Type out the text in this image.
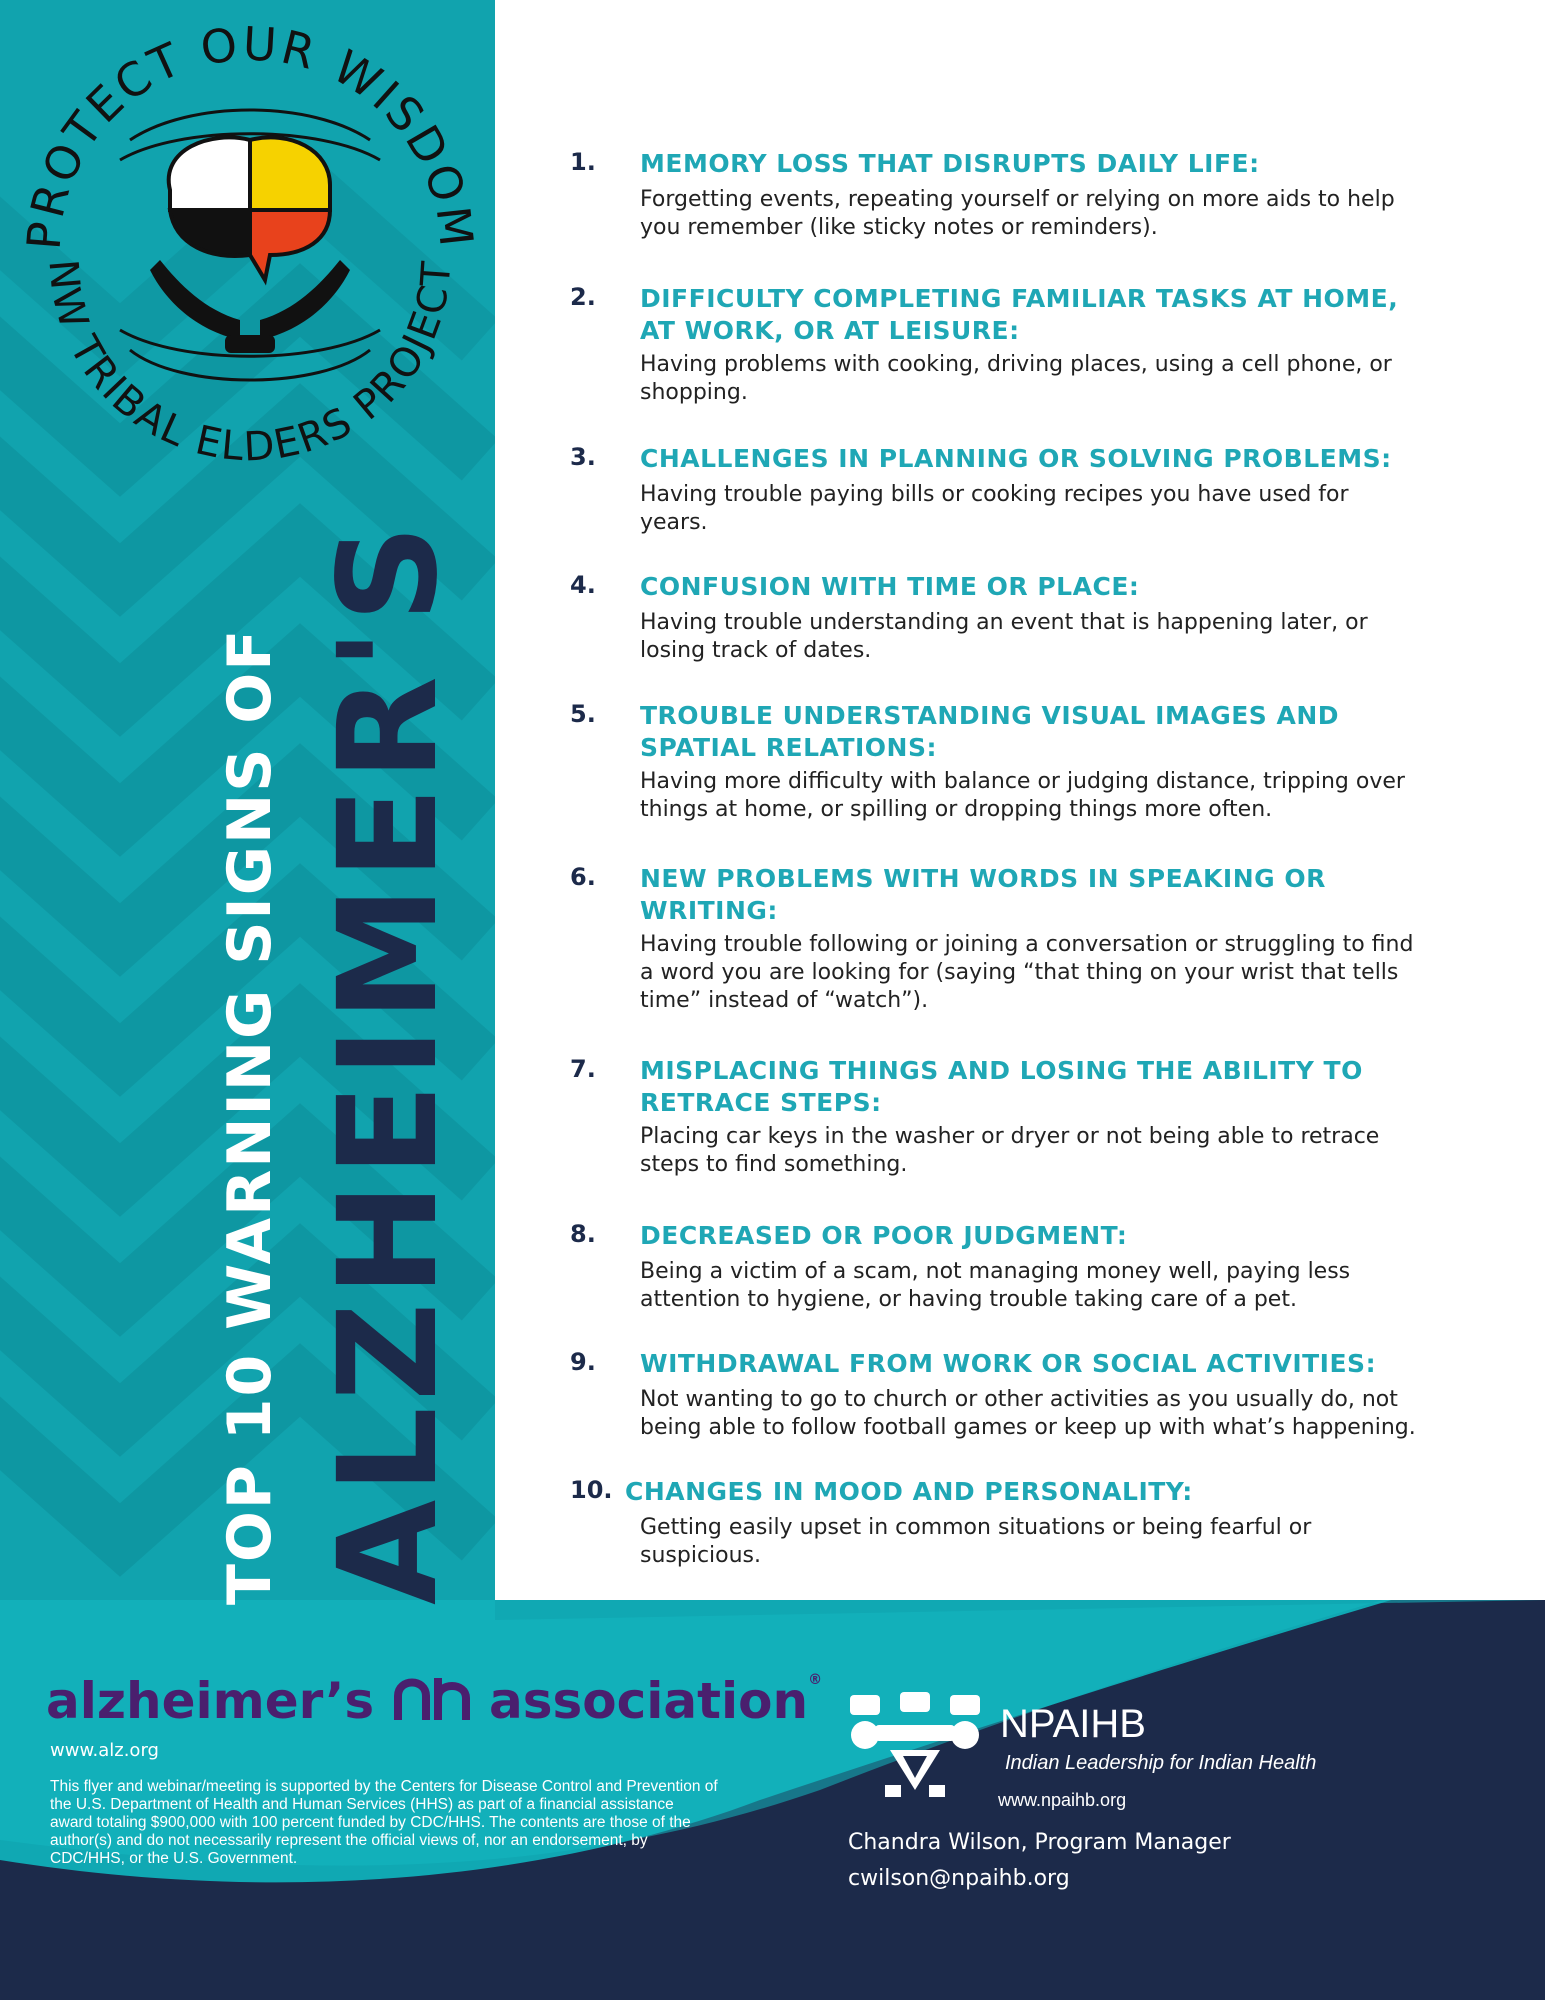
PROTECT OUR WISDOM
NW TRIBAL ELDERS PROJECT
TOP 10 WARNING SIGNS OF ALZHEIMER'S
1. MEMORY LOSS THAT DISRUPTS DAILY LIFE:
Forgetting events, repeating yourself or relying on more aids to help you remember (like sticky notes or reminders).
2. DIFFICULTY COMPLETING FAMILIAR TASKS AT HOME, AT WORK, OR AT LEISURE:
Having problems with cooking, driving places, using a cell phone, or shopping.
3. CHALLENGES IN PLANNING OR SOLVING PROBLEMS:
Having trouble paying bills or cooking recipes you have used for years.
4. CONFUSION WITH TIME OR PLACE:
Having trouble understanding an event that is happening later, or losing track of dates.
5. TROUBLE UNDERSTANDING VISUAL IMAGES AND SPATIAL RELATIONS:
Having more difficulty with balance or judging distance, tripping over things at home, or spilling or dropping things more often.
6. NEW PROBLEMS WITH WORDS IN SPEAKING OR WRITING:
Having trouble following or joining a conversation or struggling to find a word you are looking for (saying “that thing on your wrist that tells time” instead of “watch”).
7. MISPLACING THINGS AND LOSING THE ABILITY TO RETRACE STEPS:
Placing car keys in the washer or dryer or not being able to retrace steps to find something.
8. DECREASED OR POOR JUDGMENT:
Being a victim of a scam, not managing money well, paying less attention to hygiene, or having trouble taking care of a pet.
9. WITHDRAWAL FROM WORK OR SOCIAL ACTIVITIES:
Not wanting to go to church or other activities as you usually do, not being able to follow football games or keep up with what’s happening.
10. CHANGES IN MOOD AND PERSONALITY:
Getting easily upset in common situations or being fearful or suspicious.
alzheimer’s association®
www.alz.org
This flyer and webinar/meeting is supported by the Centers for Disease Control and Prevention of the U.S. Department of Health and Human Services (HHS) as part of a financial assistance award totaling $900,000 with 100 percent funded by CDC/HHS. The contents are those of the author(s) and do not necessarily represent the official views of, nor an endorsement, by CDC/HHS, or the U.S. Government.
NPAIHB
Indian Leadership for Indian Health
www.npaihb.org
Chandra Wilson, Program Manager
cwilson@npaihb.org
